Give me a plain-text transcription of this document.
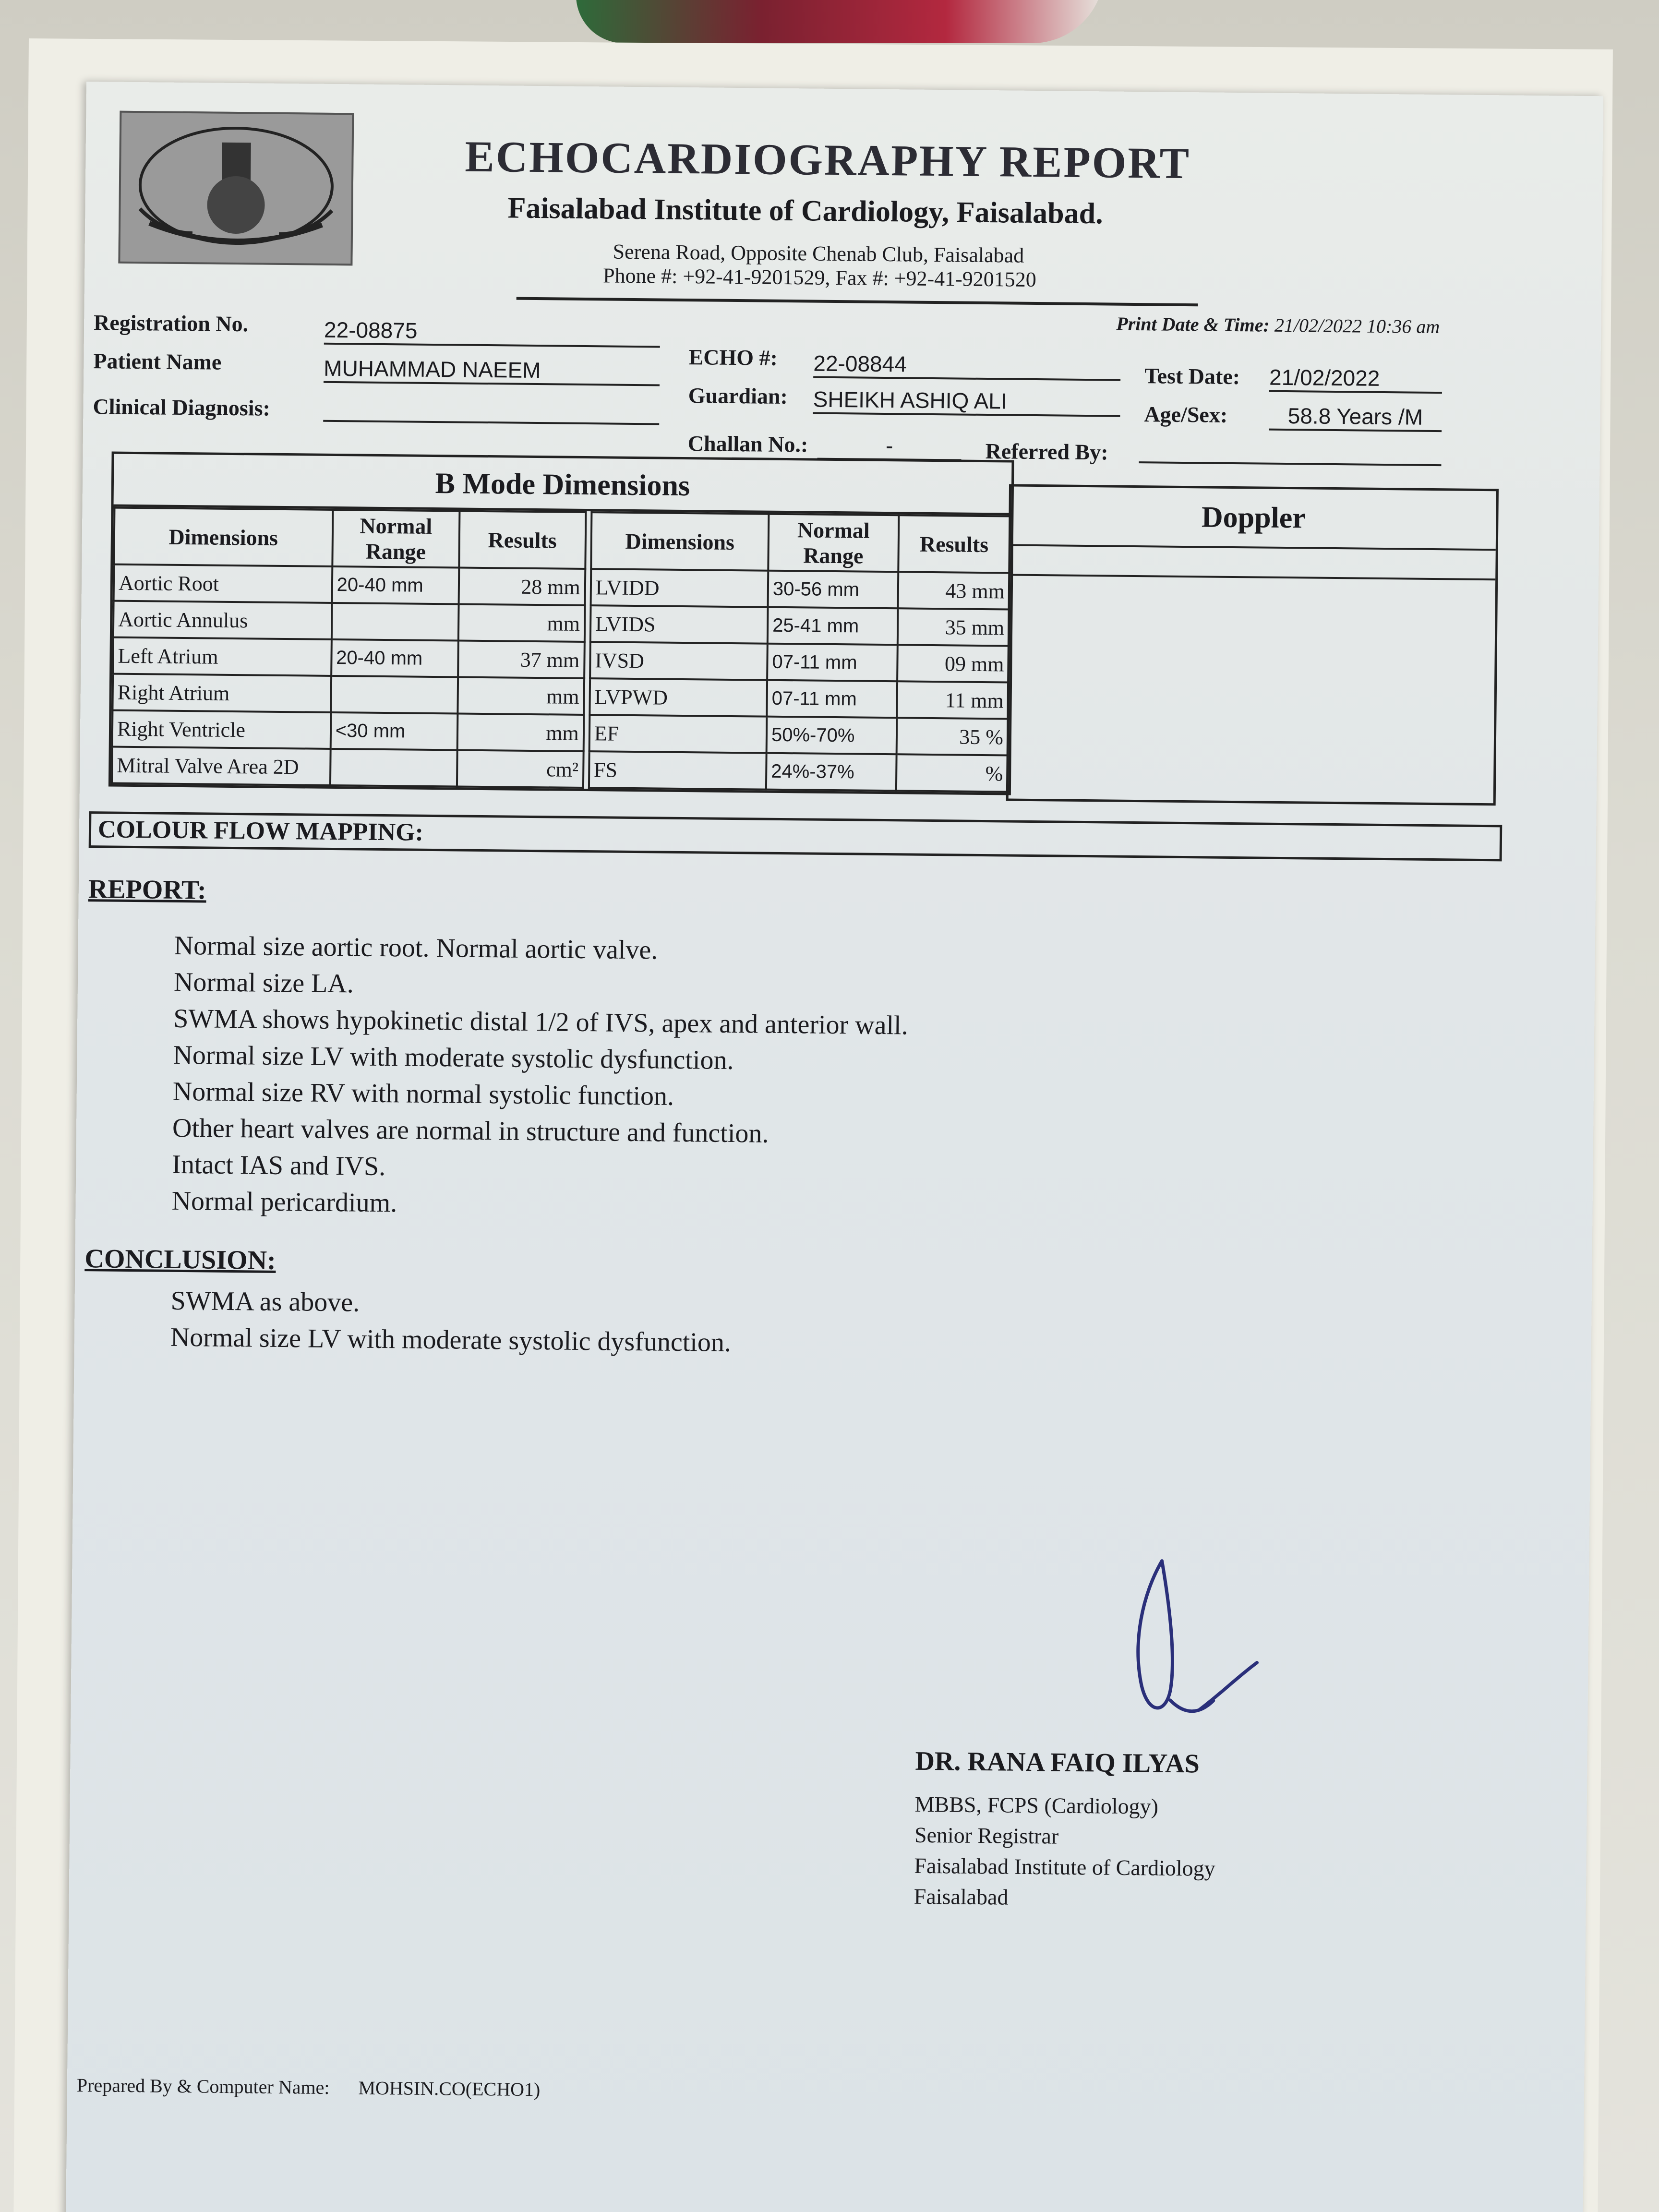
ECHOCARDIOGRAPHY REPORT
Faisalabad Institute of Cardiology, Faisalabad.
Serena Road, Opposite Chenab Club, Faisalabad
Phone #: +92-41-9201529, Fax #: +92-41-9201520
Print Date & Time: 21/02/2022 10:36 am
Registration No.	22-08875
Patient Name	MUHAMMAD NAEEM
Clinical Diagnosis:
ECHO #: 22-08844
Guardian: SHEIKH ASHIQ ALI
Challan No.:	-
Test Date: 21/02/2022
Age/Sex:	58.8 Years /M
Referred By:
B Mode Dimensions
Dimensions	Normal Range	Results
Aortic Root	20-40 mm	28 mm
Aortic Annulus		mm
Left Atrium	20-40 mm	37 mm
Right Atrium		mm
Right Ventricle	<30 mm	mm
Mitral Valve Area 2D		cm²
Dimensions	Normal Range	Results
LVIDD	30-56 mm	43 mm
LVIDS	25-41 mm	35 mm
IVSD	07-11 mm	09 mm
LVPWD	07-11 mm	11 mm
EF	50%-70%	35 %
FS	24%-37%	%
Doppler
COLOUR FLOW MAPPING:
REPORT:
Normal size aortic root. Normal aortic valve.
Normal size LA.
SWMA shows hypokinetic distal 1/2 of IVS, apex and anterior wall.
Normal size LV with moderate systolic dysfunction.
Normal size RV with normal systolic function.
Other heart valves are normal in structure and function.
Intact IAS and IVS.
Normal pericardium.
CONCLUSION:
SWMA as above.
Normal size LV with moderate systolic dysfunction.
DR. RANA FAIQ ILYAS
MBBS, FCPS (Cardiology)
Senior Registrar
Faisalabad Institute of Cardiology
Faisalabad
Prepared By & Computer Name: MOHSIN.CO(ECHO1)
